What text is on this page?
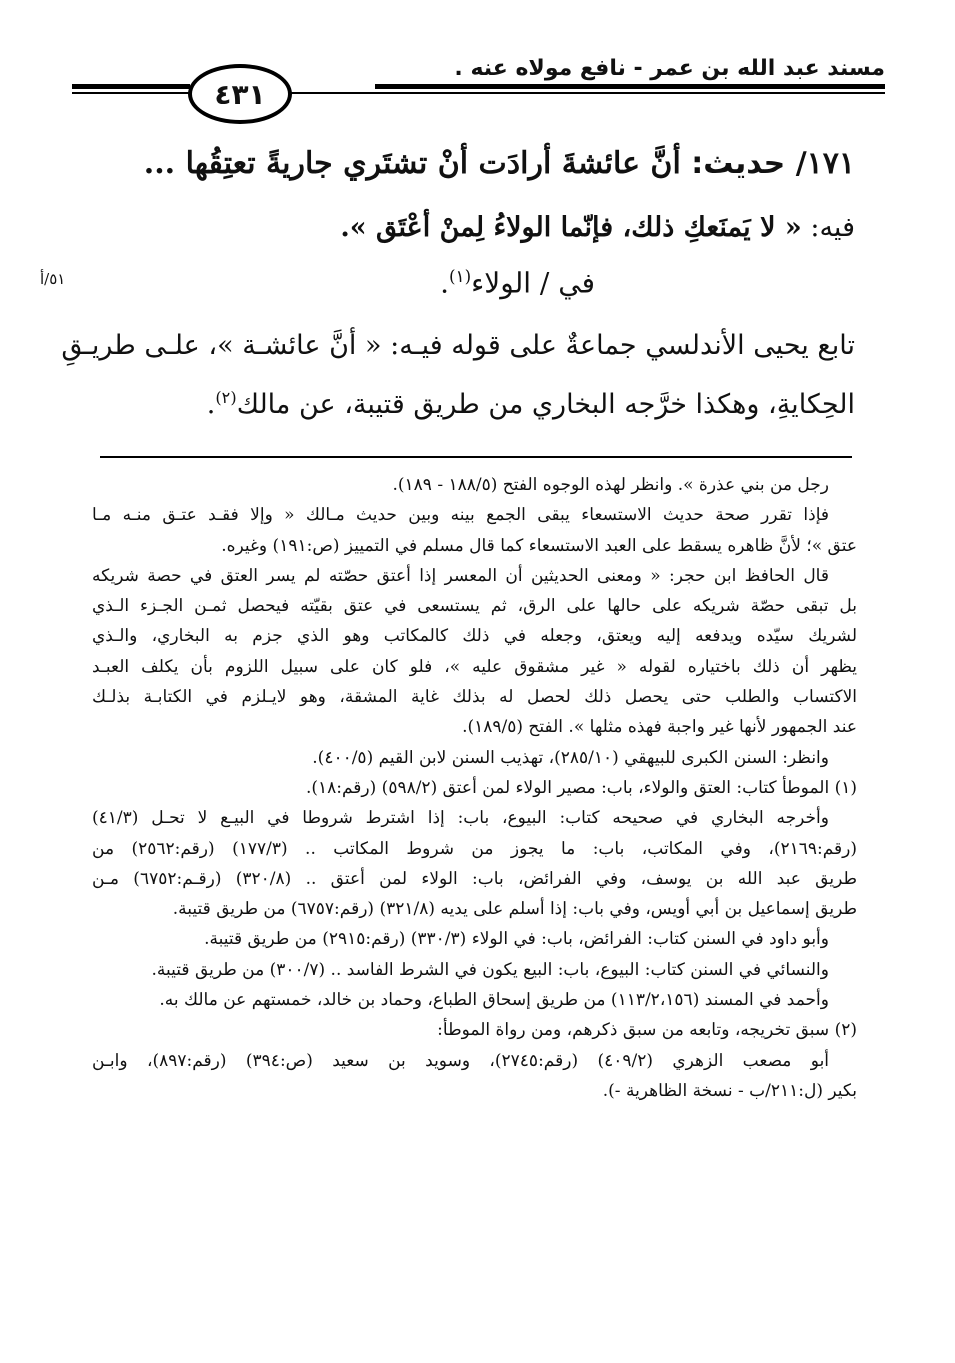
مسند عبد الله بن عمر - نافع مولاه عنه .
٤٣١
١٧١/ حديث: أنَّ عائشةَ أرادَت أنْ تشتَري جاريةً تعتِقُها ...
فيه: « لا يَمنَعكِ ذلك، فإنّما الولاءُ لِمنْ أعْتَق ».
في / الولاء$^{(١)}$.
٥١/أ
تابع يحيى الأندلسي جماعةٌ على قوله فيـه: « أنَّ عائشـة »، علـى طريـقِ
الحِكايةِ، وهكذا خرَّجه البخاري من طريق قتيبة، عن مالك$^{(٢)}$.
رجل من بني عذرة ». وانظر لهذه الوجوه الفتح (١٨٨/٥ - ١٨٩).
فإذا تقرر صحة حديث الاستسعاء يبقى الجمع بينه وبين حديث مـالك « وإلا فقـد عتـق منـه مـا
عتق »؛ لأنَّ ظاهره يسقط على العبد الاستسعاء كما قال مسلم في التمييز (ص:١٩١) وغيره.
قال الحافظ ابن حجر: « ومعنى الحديثين أن المعسر إذا أعتق حصّته لم يسر العتق في حصة شريكه
بل تبقى حصّة شريكه على حالها على الرق، ثم يستسعى في عتق بقيّته فيحصل ثمـن الجـزء الـذي
لشريك سيّده ويدفعه إليه ويعتق، وجعله في ذلك كالمكاتب وهو الذي جزم به البخاري، والـذي
يظهر أن ذلك باختياره لقوله « غير مشقوق عليه »، فلو كان على سبيل اللزوم بأن يكلف العبـد
الاكتساب والطلب حتى يحصل ذلك لحصل له بذلك غاية المشقة، وهو لايـلزم في الكتابـة بذلـك
عند الجمهور لأنها غير واجبة فهذه مثلها ». الفتح (١٨٩/٥).
وانظر: السنن الكبرى للبيهقي (٢٨٥/١٠)، تهذيب السنن لابن القيم (٤٠٠/٥).
(١) الموطأ كتاب: العتق والولاء، باب: مصير الولاء لمن أعتق (٥٩٨/٢) (رقم:١٨).
وأخرجه البخاري في صحيحه كتاب: البيوع، باب: إذا اشترط شروطا في البيـع لا تحـل (٤١/٣)
(رقم:٢١٦٩)، وفي المكاتب، باب: ما يجوز من شروط المكاتب .. (١٧٧/٣) (رقم:٢٥٦٢) من
طريق عبد الله بن يوسف، وفي الفرائض، باب: الولاء لمن أعتق .. (٣٢٠/٨) (رقـم:٦٧٥٢) مـن
طريق إسماعيل بن أبي أويس، وفي باب: إذا أسلم على يديه (٣٢١/٨) (رقم:٦٧٥٧) من طريق قتيبة.
وأبو داود في السنن كتاب: الفرائض، باب: في الولاء (٣٣٠/٣) (رقم:٢٩١٥) من طريق قتيبة.
والنسائي في السنن كتاب: البيوع، باب: البيع يكون في الشرط الفاسد .. (٣٠٠/٧) من طريق قتيبة.
وأحمد في المسند (١١٣/٢،١٥٦) من طريق إسحاق الطباع، وحماد بن خالد، خمستهم عن مالك به.
(٢) سبق تخريجه، وتابعه من سبق ذكرهم، ومن رواة الموطأ:
أبو مصعب الزهري (٤٠٩/٢) (رقم:٢٧٤٥)، وسويد بن سعيد (ص:٣٩٤) (رقم:٨٩٧)، وابـن
بكير (ل:٢١١/ب - نسخة الظاهرية -).
